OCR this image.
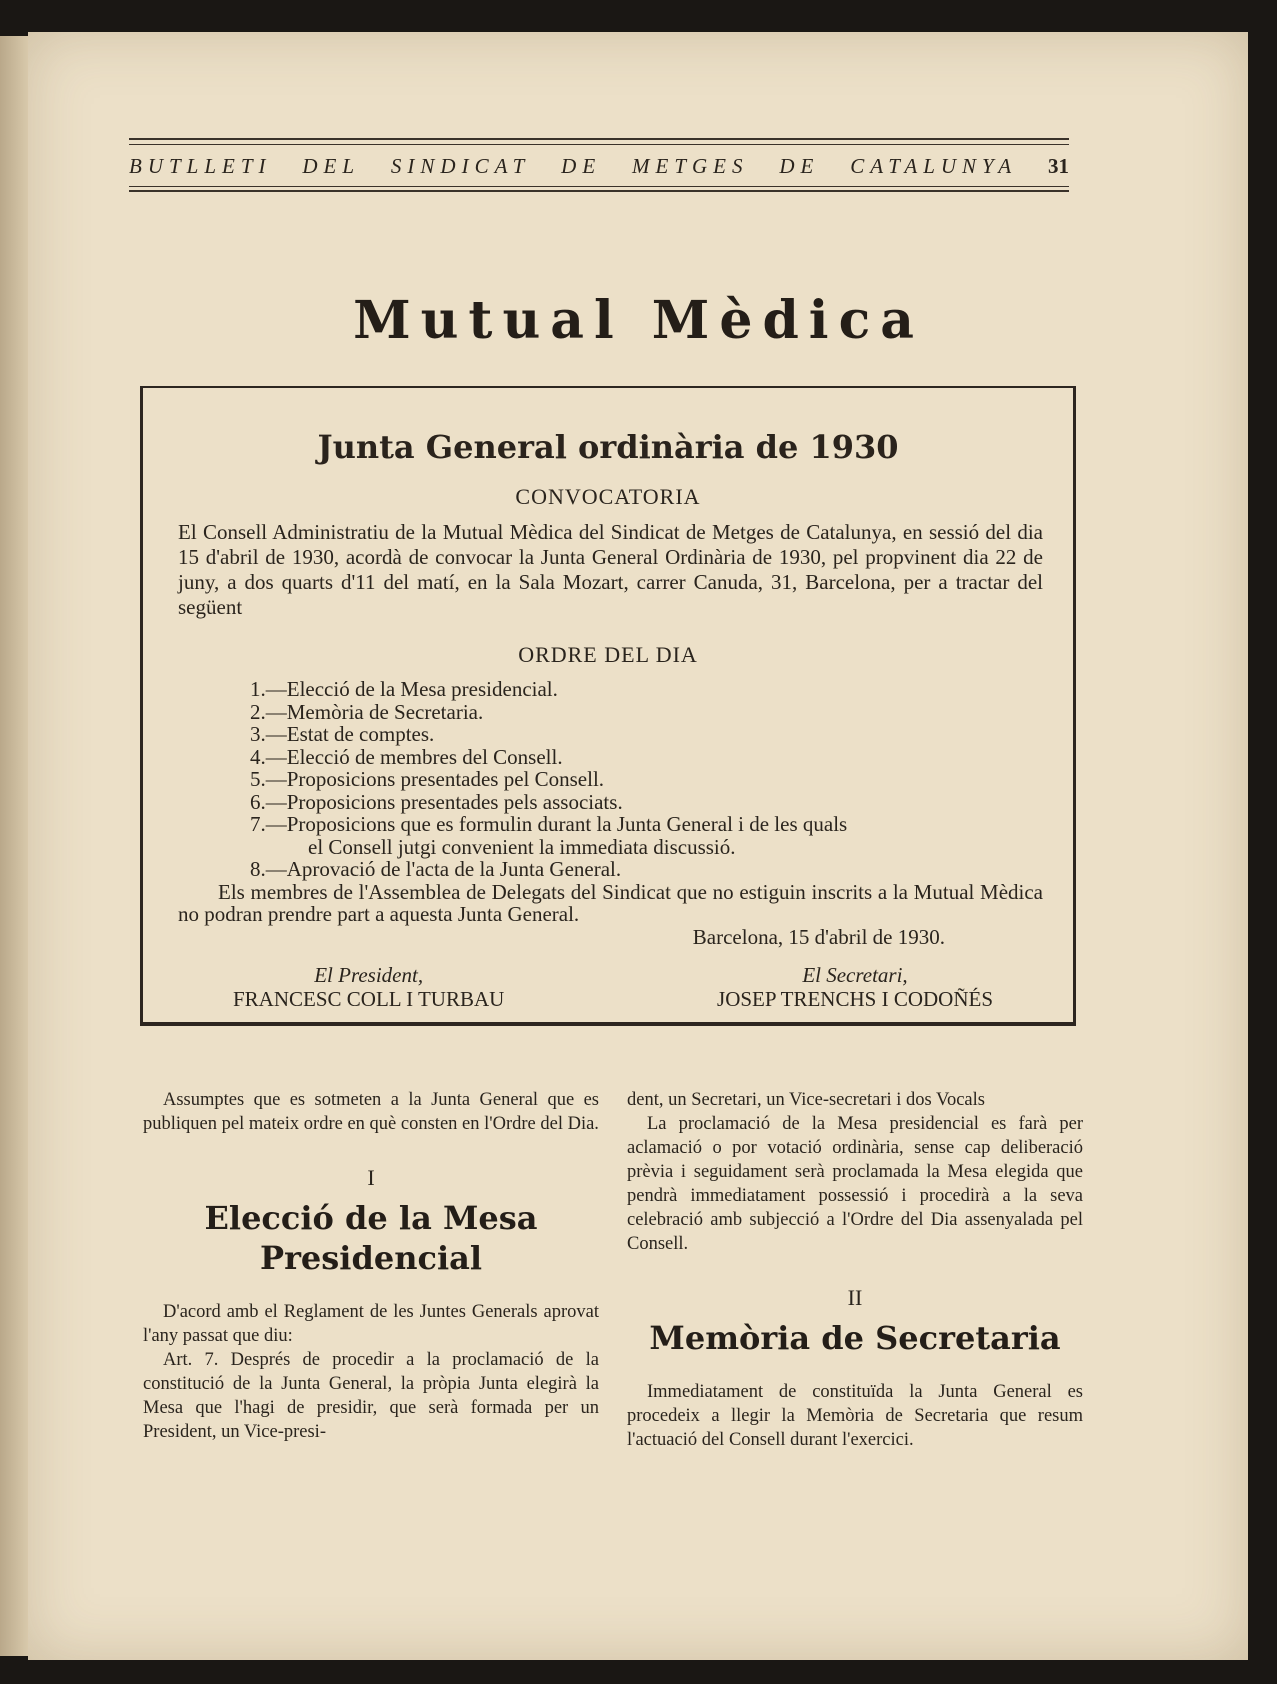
BUTLLETI DEL SINDICAT DE METGES DE CATALUNYA 31
Mutual Mèdica
Junta General ordinària de 1930
CONVOCATORIA
El Consell Administratiu de la Mutual Mèdica del Sindicat de Metges de Catalunya, en sessió del dia 15 d'abril de 1930, acordà de convocar la Junta General Ordinària de 1930, pel propvinent dia 22 de juny, a dos quarts d'11 del matí, en la Sala Mozart, carrer Canuda, 31, Barcelona, per a tractar del següent
ORDRE DEL DIA
1.—Elecció de la Mesa presidencial.
2.—Memòria de Secretaria.
3.—Estat de comptes.
4.—Elecció de membres del Consell.
5.—Proposicions presentades pel Consell.
6.—Proposicions presentades pels associats.
7.—Proposicions que es formulin durant la Junta General i de les quals
el Consell jutgi convenient la immediata discussió.
8.—Aprovació de l'acta de la Junta General.
Els membres de l'Assemblea de Delegats del Sindicat que no estiguin inscrits a la Mutual Mèdica no podran prendre part a aquesta Junta General.
Barcelona, 15 d'abril de 1930.
El President,
FRANCESC COLL I TURBAU
El Secretari,
JOSEP TRENCHS I CODOÑÉS

Assumptes que es sotmeten a la Junta General que es publiquen pel mateix ordre en què consten en l'Ordre del Dia.

I
Elecció de la Mesa Presidencial

D'acord amb el Reglament de les Juntes Generals aprovat l'any passat que diu:

Art. 7. Després de procedir a la proclamació de la constitució de la Junta General, la pròpia Junta elegirà la Mesa que l'hagi de presidir, que serà formada per un President, un Vice-presi-

dent, un Secretari, un Vice-secretari i dos Vocals

La proclamació de la Mesa presidencial es farà per aclamació o por votació ordinària, sense cap deliberació prèvia i seguidament serà proclamada la Mesa elegida que pendrà immediatament possessió i procedirà a la seva celebració amb subjecció a l'Ordre del Dia assenyalada pel Consell.

II
Memòria de Secretaria

Immediatament de constituïda la Junta General es procedeix a llegir la Memòria de Secretaria que resum l'actuació del Consell durant l'exercici.
